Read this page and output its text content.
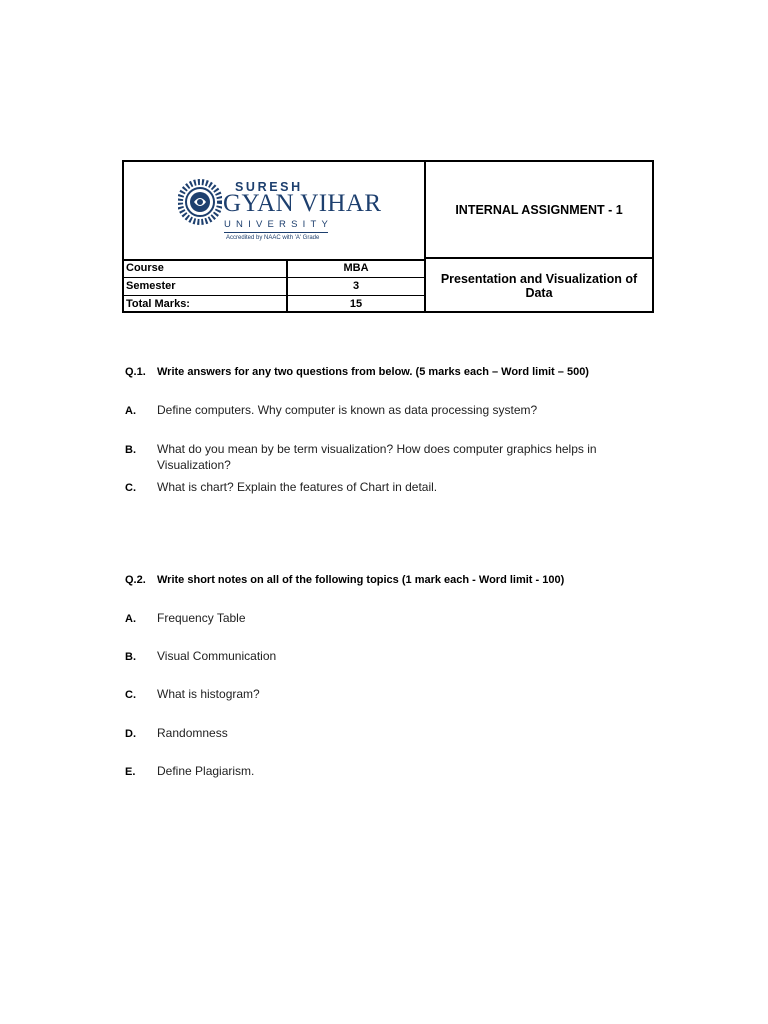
SURESH
GYAN VIHAR
UNIVERSITY
Accredited by NAAC with 'A' Grade
Course	MBA
Semester	3
Total Marks:	15
INTERNAL ASSIGNMENT - 1
Presentation and Visualization of Data
Q.1. Write answers for any two questions from below. (5 marks each – Word limit – 500)
A. Define computers. Why computer is known as data processing system?
B. What do you mean by be term visualization? How does computer graphics helps in Visualization?
C. What is chart? Explain the features of Chart in detail.
Q.2. Write short notes on all of the following topics (1 mark each - Word limit - 100)
A. Frequency Table
B. Visual Communication
C. What is histogram?
D. Randomness
E. Define Plagiarism.
